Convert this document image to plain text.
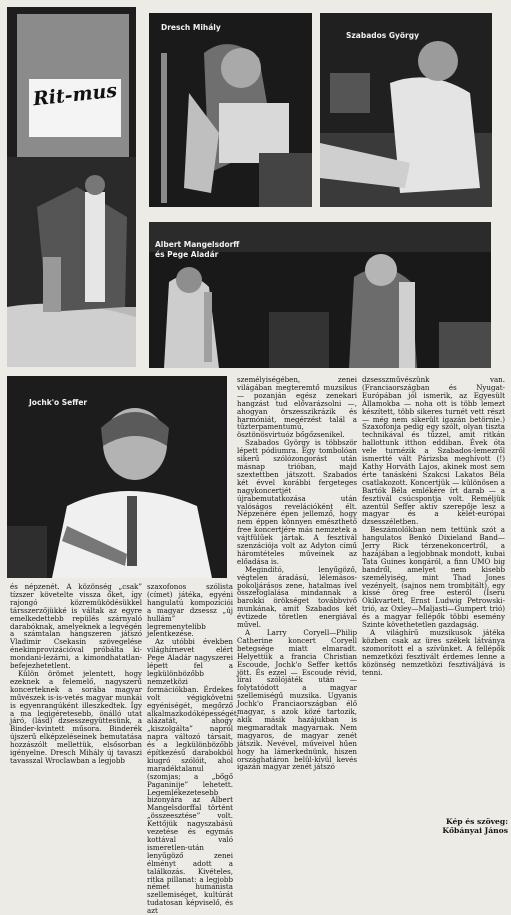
Rit-mus
Dresch Mihály
Szabados György
Albert Mangelsdorff
és Pege Aladár
Jochk'o Seffer

és népzenét. A közönség „csak” tízszer követelte vissza őket, így rajongó közremüködésükkel társszerzőjükké is váltak az egyre emelkedettebb repülés szárnyaló darabóknak, amelyeknek a legvégén a számtalan hangszeren játszó Vladimir Csekasin szövegelése énekimprovizációval próbálta ki-mondani-lezárni, a kimondhatatlan-befejezhetetlent.

Külön örömet jelentett, hogy ezeknek a felemelő, nagyszerű koncerteknek a sorába magyar művészek is-is-vetés magyar munkái is egyenrangúként illeszkedtek. Így a ma legigéretesebb, önálló utat járó, (lásd) dzsesszegyüttesünk, a Binder-kvintett műsora. Binderék újszerű elképzeléseinek bemutatása hozzászólt mellettük, elsősorban igényelne. Dresch Mihály új tavaszi tavasszal Wroclawban a legjobb

szaxofonos szólista (címet) játéka, egyéni hangulatú kompozíciói a magyar dzsessz „új hullám” legremenytelibb jelentkezése.

Az utóbbi években világhírnevet elért Pege Aladár nagyszerei lépett fel a legkülönbözőbb nemzetközi formációkban. Érdekes volt végigkövetni egyéniségét, megőrző alkalmazkodóképességét, alázatát, ahogy „kiszolgálta” napról napra változó társait, és a legkülönbözőbb építkezésű darabokból kiugró szólóit, ahol maradéktalanul (szomjas; a „bőgő Paganinije” lehetett. Legemlékezetesebb bizonyára az Albert Mangelsdorffal történt „összeesztése” volt. Kettőjük nagyszabású vezetése és egymás kottával való ismeretlen-után lenyűgöző zenei élményt adott a találkozás. Kivételes, ritka pillanat: a legjobb német humanista szellemiséget, kultúrát tudatosan képviselő, és azt

személyiségében, zenei világában megteremtő muzsikus — pozanján egész zenekari hangzást tud elővarázsolni —, ahogyan örszesszikrázik és harmóniát, megérzést talál a tűzterpamentumú, ösztönösvirtuóz bőgőzsenikel.

Szabados György is többször lépett pódiumra. Egy tombolóan sikerű szólózongorást után másnap trióban, majd szextettben játszott. Szabados két évvel korábbi fergeteges nagykoncertjét újrabemutatkozása után valóságos revelációként élt. Népzenére épen jellemző, hogy nem éppen könnyen emészthető free koncertjére más nemzetek a vájtfülűek jártak. A fesztivál szenzációja volt az Adyton című háromtételes műveinek az előadása is.

Megindító, lenyűgöző, végtelen áradású, lélemásos-pokoljárásos zene, hatalmas ível összefoglalása mindannak a barokki örökséget továbbvivő munkának, amit Szabados két évtizede töretlen energiával művel.

A Larry Coryell—Philip Catherine koncert Coryell betegsége miatt elmaradt. Helyettük a francia Christian Escoude, Jochk'o Seffer kettős jött. És ezzel — Escoude révid, lírai szólójáték után — folytatódott a magyar szellemiségű muzsika. Ugyanis Jochk'o Franciaországban élő magyar, s azok közé tartozik, akik másik hazájukban is megmaradtak magyarnak. Nem magyaros, de magyar zenét játszik. Nevével, műveivel hűen hogy ha lámerkednünk, hiszen országhatáron belül-kívül kevés igazán magyar zenét játszó

dzsesszművészünk van. (Franciaországban és Nyugat-Európában jól ismerik, az Egyesült Államokba — noha ott is több lemezt készített, több sikeres turnét vett részt — még nem sikerült igazán betörnie.) Szaxofonja pedig egy szólt, olyan tiszta technikával és tűzzel, amit ritkán hallottunk itthon eddiban. Évek óta vele turnézik a Szabados-lemezről ismertté vált Párizsba meghívott (!) Kathy Horváth Lajos, akinek most sem érte tanáskéni Szakcsi Lakatos Béla csatlakozott. Koncertjük — különösen a Bartók Béla emlékére írt darab — a fesztivál csúcspontja volt. Reméljük azentúl Seffer aktív szerepője lesz a magyar és a kelet-európai dzsesszéletben.

Beszámolókban nem tettünk szót a hangulatos Benkó Dixieland Band—Jerry Rick térzenekoncertről, a hazájában a legjobbnak mondott, kubai Tata Guines kongáról, a finn UMO big bandről, amelyet nem kisebb személyiség, mint Thad Jones vezényelt, (sajnos nem trombitált), egy kissé öreg free esteről (Iseru Okikvartett, Ernst Ludwig Petrowski-trió, az Oxley—Maljasti—Gumpert trió) és a magyar fellépők többi esemény Szinte követhetetlen gazdagság.

A világhírű muzsikusok játéka közben csak az üres székek látványa szomorított el a szívünket. A fellépők nemzetközi fesztivált érdemes lenne a közönség nemzetközi fesztiváljává is tenni.

Kép és szöveg:
Kőbányai János
